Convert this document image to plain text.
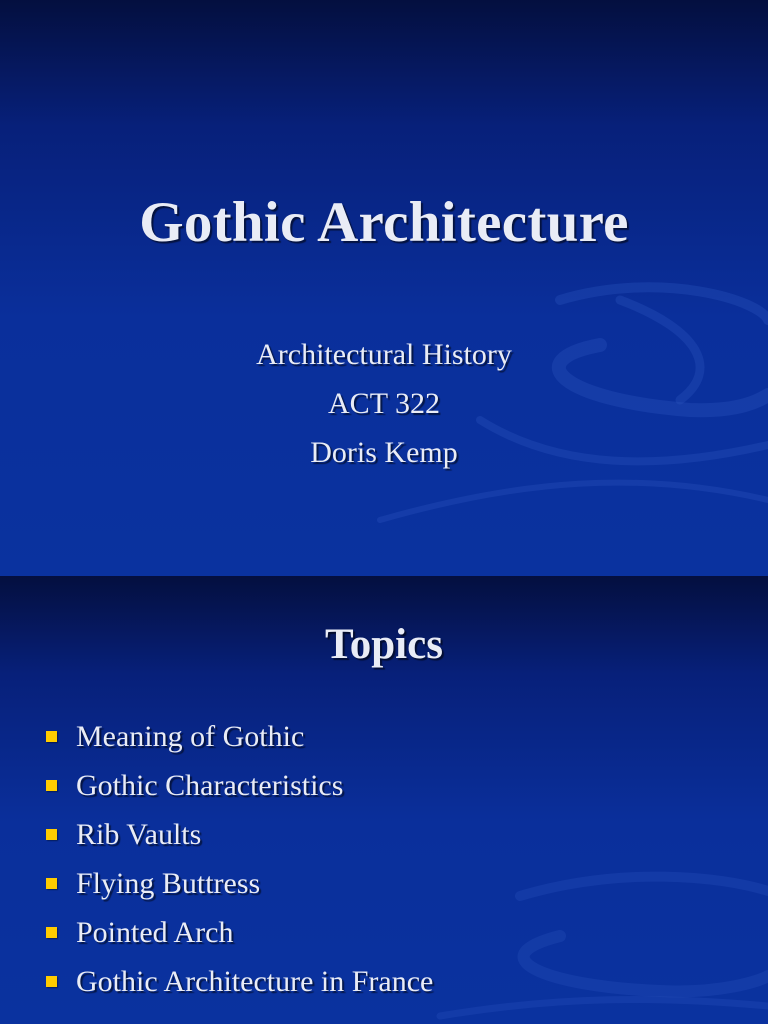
Gothic Architecture
Architectural History
ACT 322
Doris Kemp
Topics
Meaning of Gothic
Gothic Characteristics
Rib Vaults
Flying Buttress
Pointed Arch
Gothic Architecture in France
